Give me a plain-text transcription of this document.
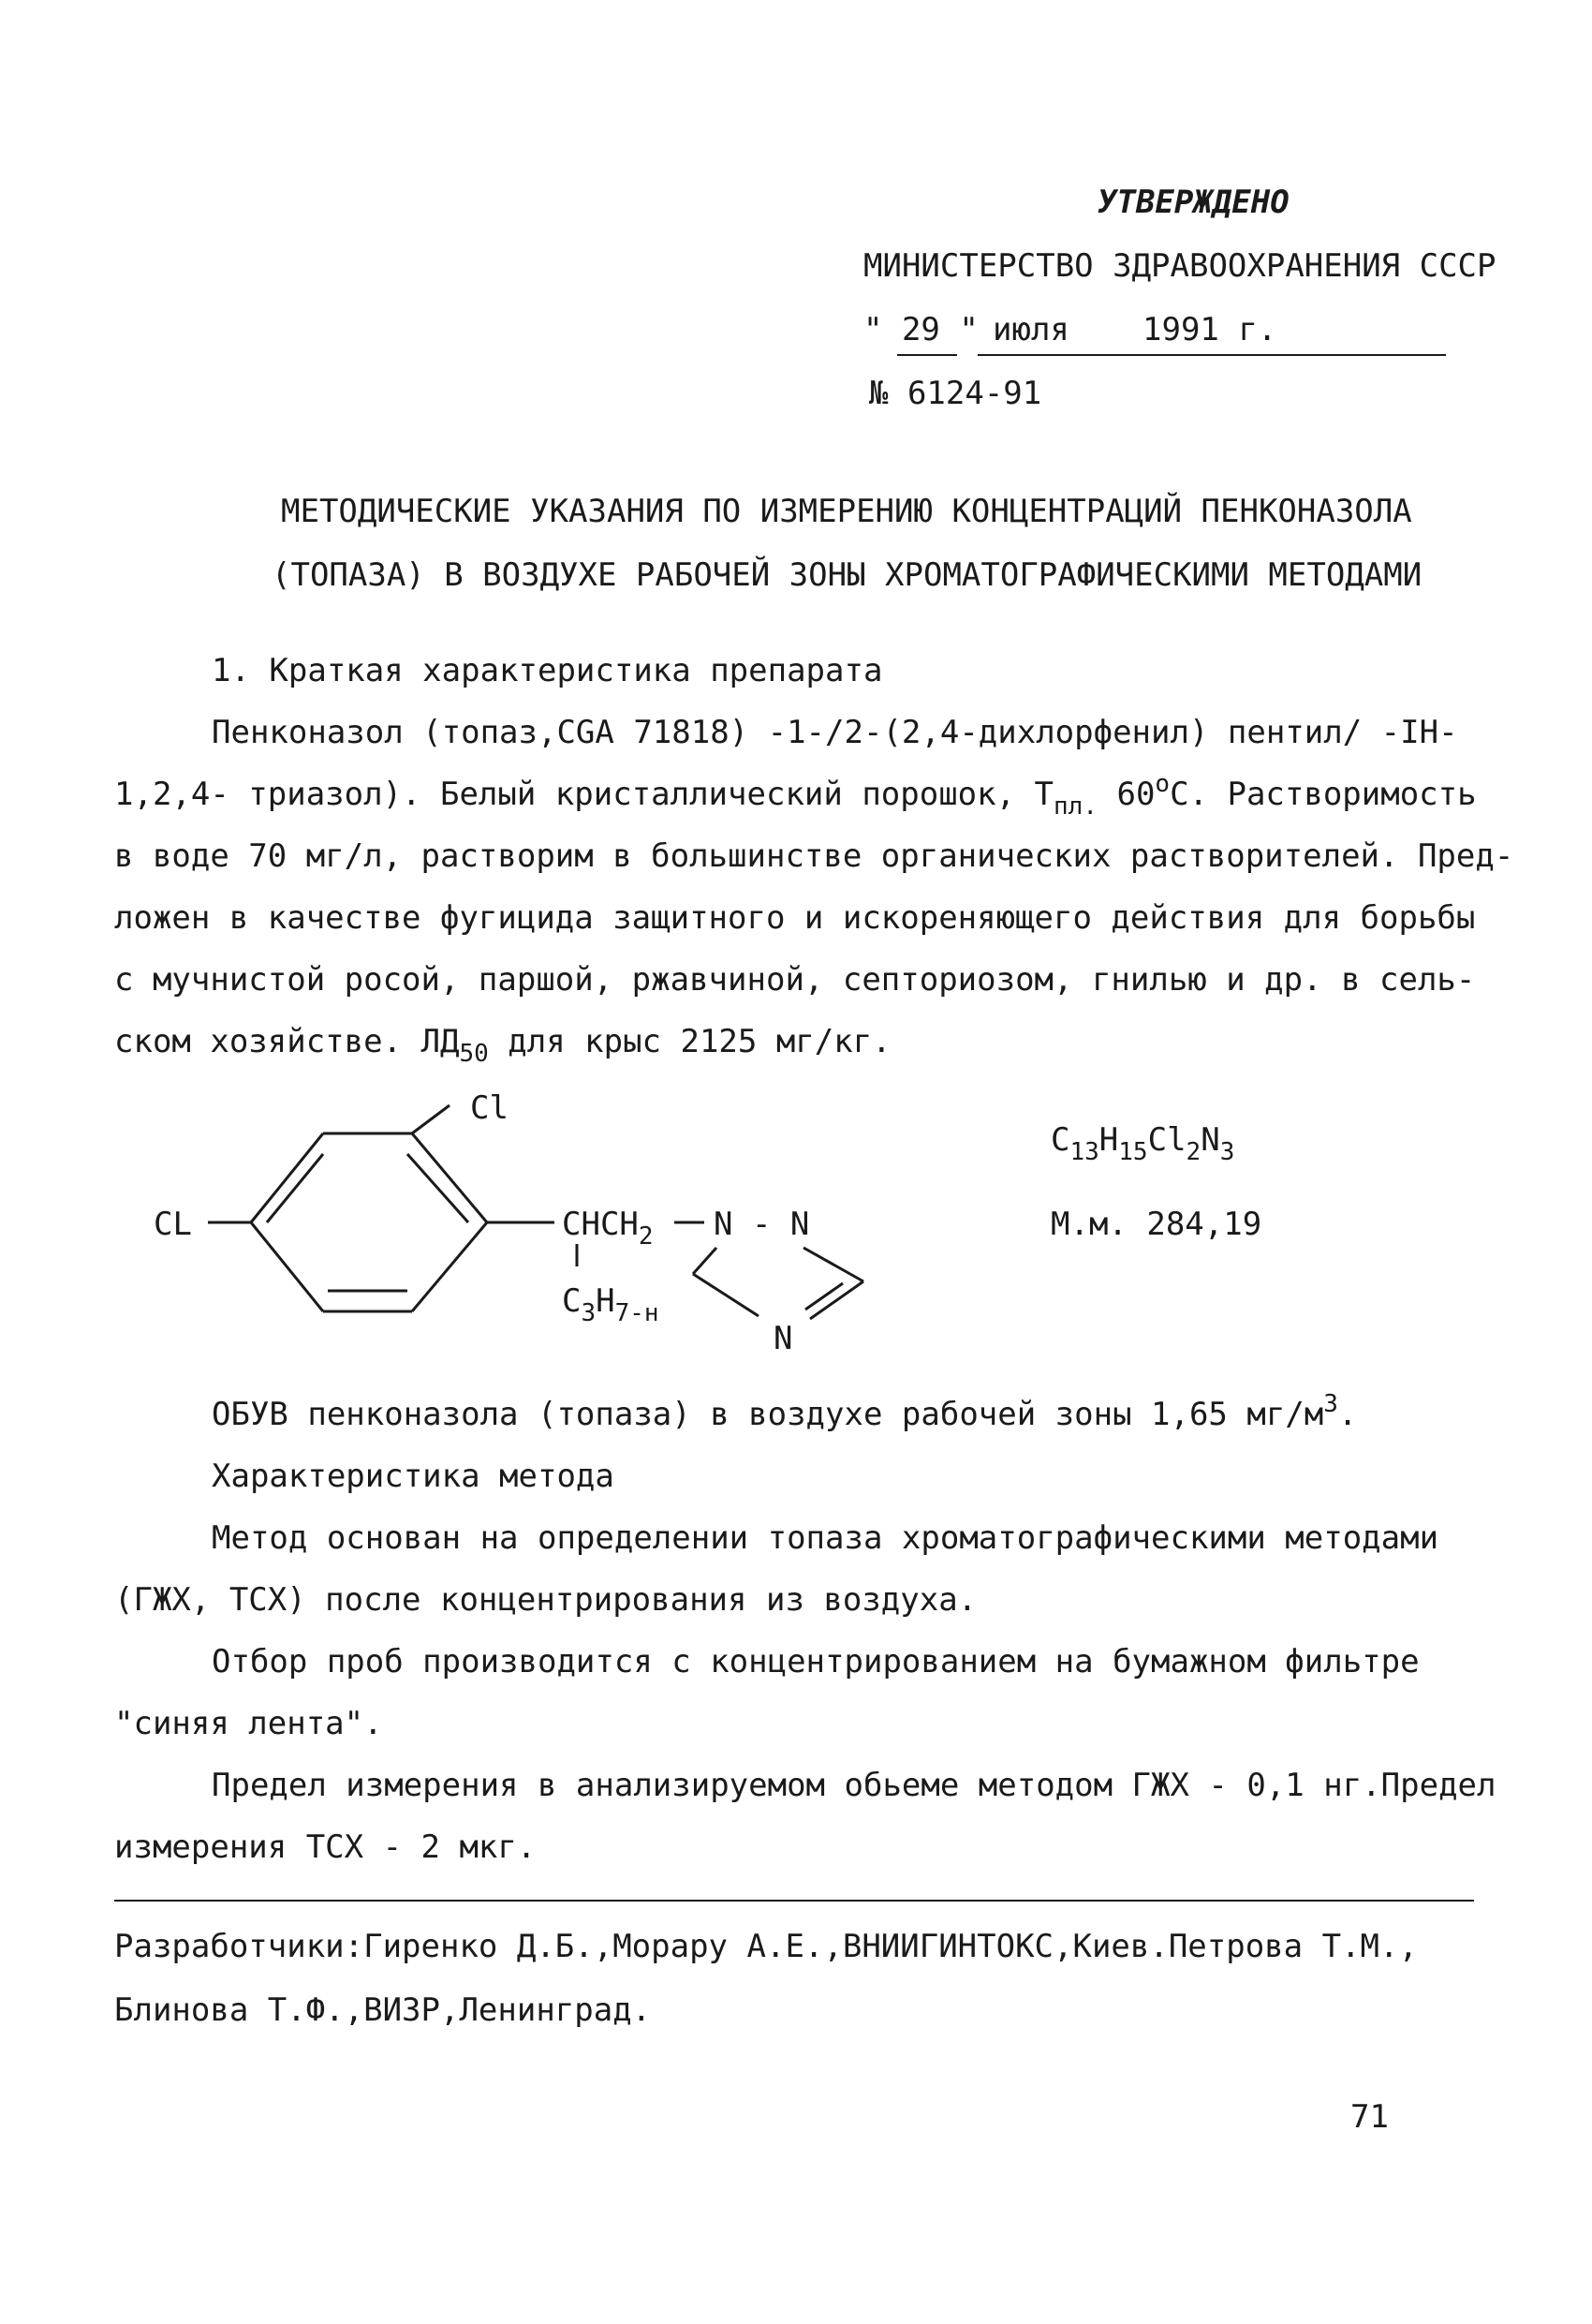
УТВЕРЖДЕНО
МИНИСТЕРСТВО ЗДРАВООХРАНЕНИЯ СССР
" 29 " июля 1991 г.
№ 6124-91
МЕТОДИЧЕСКИЕ УКАЗАНИЯ ПО ИЗМЕРЕНИЮ КОНЦЕНТРАЦИЙ ПЕНКОНАЗОЛА
(ТОПАЗА) В ВОЗДУХЕ РАБОЧЕЙ ЗОНЫ ХРОМАТОГРАФИЧЕСКИМИ МЕТОДАМИ
1. Краткая характеристика препарата
Пенконазол (топаз,CGA 71818) -1-/2-(2,4-дихлорфенил) пентил/ -IH-
1,2,4- триазол). Белый кристаллический порошок, $Т_{пл.}$ 60$^o$С. Растворимость
в воде 70 мг/л, растворим в большинстве органических растворителей. Пред-
ложен в качестве фугицида защитного и искореняющего действия для борьбы
с мучнистой росой, паршой, ржавчиной, септориозом, гнилью и др. в сель-
ском хозяйстве. $ЛД_{50}$ для крыс 2125 мг/кг.
Cl
CL	$CHCH_2$ N - N
$C_3H_{7-н}$
N
$C_{13}H_{15}Cl_2N_3$
М.м. 284,19
ОБУВ пенконазола (топаза) в воздухе рабочей зоны 1,65 $мг/м^3$.
Характеристика метода
Метод основан на определении топаза хроматографическими методами
(ГЖХ, ТСХ) после концентрирования из воздуха.
Отбор проб производится с концентрированием на бумажном фильтре
"синяя лента".
Предел измерения в анализируемом обьеме методом ГЖХ - 0,1 нг.Предел
измерения ТСХ - 2 мкг.
Разработчики:Гиренко Д.Б.,Морару А.Е.,ВНИИГИНТОКС,Киев.Петрова Т.М.,
Блинова Т.Ф.,ВИЗР,Ленинград.
71
